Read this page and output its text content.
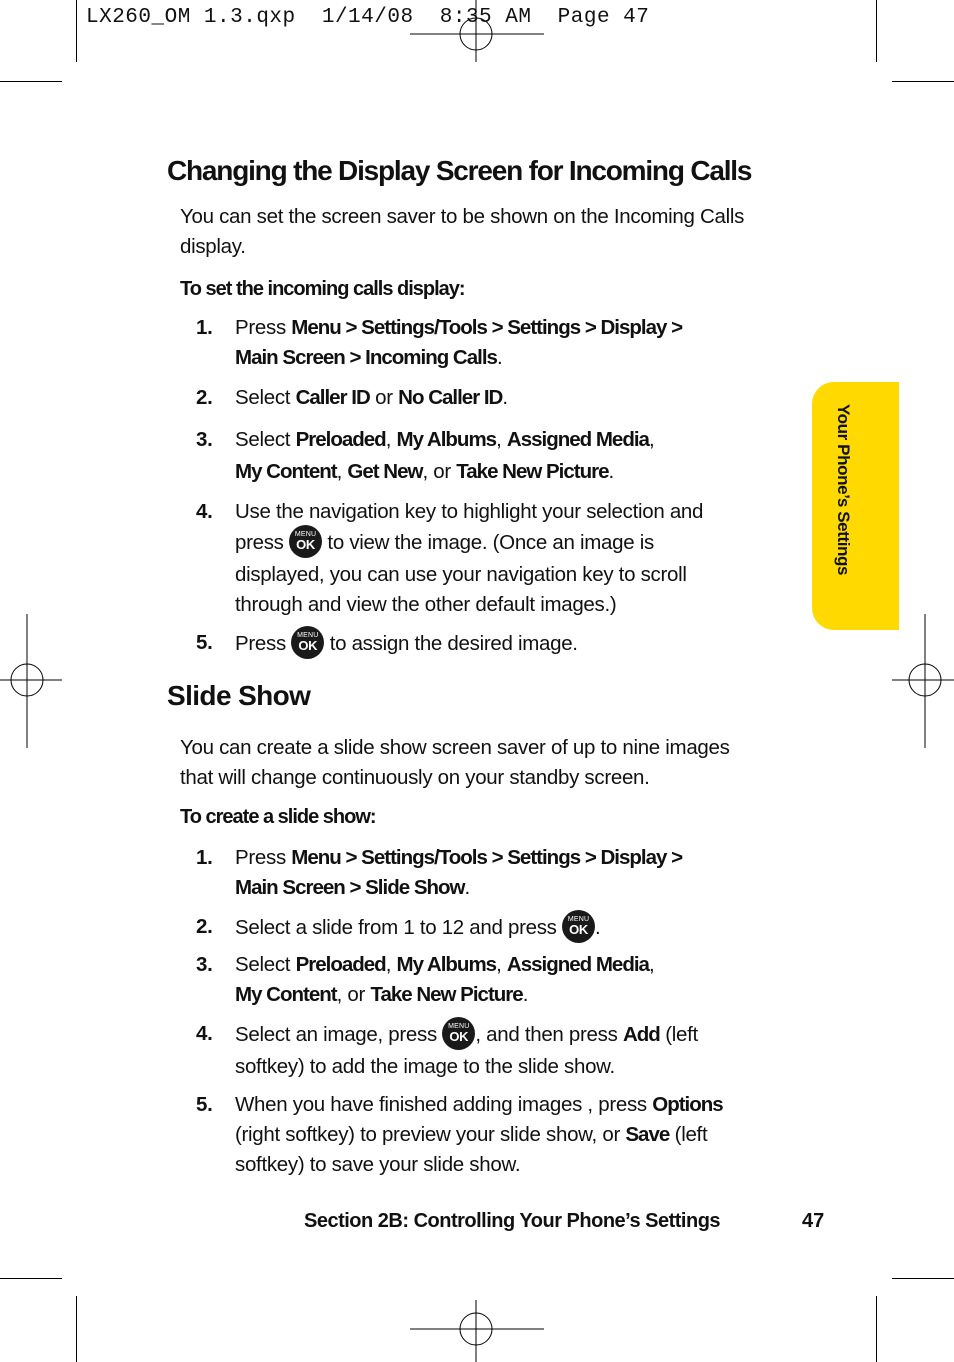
LX260_OM 1.3.qxp  1/14/08  8:35 AM  Page 47
Changing the Display Screen for Incoming Calls
You can set the screen saver to be shown on the Incoming Calls
display.
To set the incoming calls display:
1.	Press Menu > Settings/Tools > Settings > Display >
Main Screen > Incoming Calls.
2.	Select Caller ID or No Caller ID.
3.	Select Preloaded, My Albums, Assigned Media,
My Content, Get New, or Take New Picture.
4.	Use the navigation key to highlight your selection and
press MENU
OK to view the image. (Once an image is
displayed, you can use your navigation key to scroll
through and view the other default images.)
5.	Press MENU
OK to assign the desired image.
Slide Show
You can create a slide show screen saver of up to nine images
that will change continuously on your standby screen.
To create a slide show:
1.	Press Menu > Settings/Tools > Settings > Display >
Main Screen > Slide Show.
2.	Select a slide from 1 to 12 and press MENU
OK .
3.	Select Preloaded, My Albums, Assigned Media,
My Content, or Take New Picture.
4.	Select an image, press MENU
OK , and then press Add (left
softkey) to add the image to the slide show.
5.	When you have finished adding images , press Options
(right softkey) to preview your slide show, or Save (left
softkey) to save your slide show.
Your Phone’s Settings
Section 2B: Controlling Your Phone’s Settings	47
